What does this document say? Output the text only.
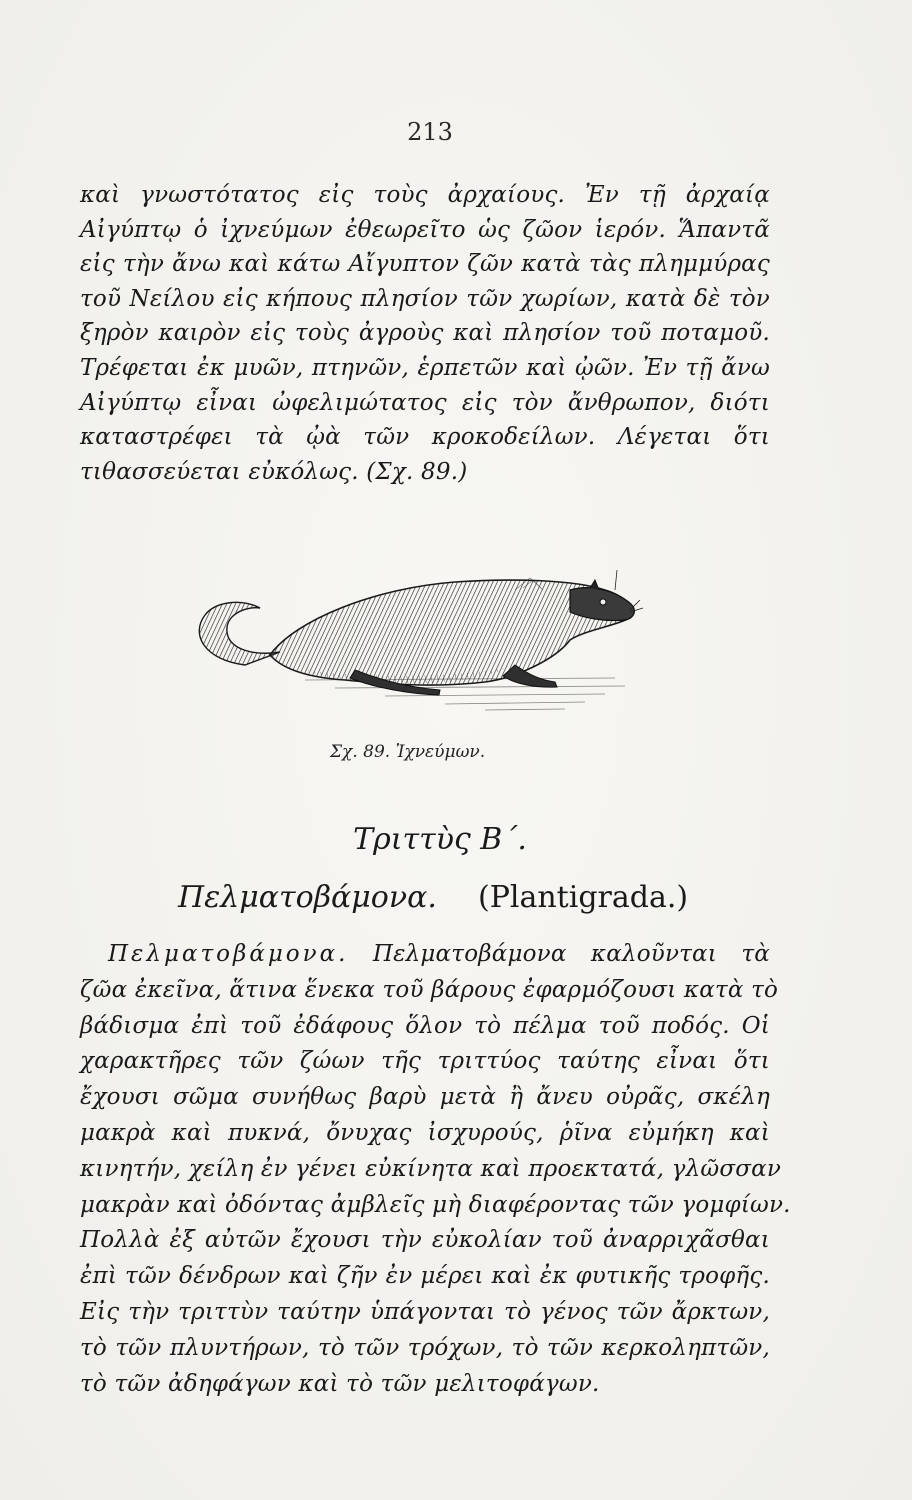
213
καὶ γνωστότατος εἰς τοὺς ἀρχαίους. Ἐν τῇ ἀρχαίᾳ
Αἰγύπτῳ ὁ ἰχνεύμων ἐθεωρεῖτο ὡς ζῶον ἱερόν. Ἅπαντᾶ
εἰς τὴν ἄνω καὶ κάτω Αἴγυπτον ζῶν κατὰ τὰς πλημμύρας
τοῦ Νείλου εἰς κήπους πλησίον τῶν χωρίων, κατὰ δὲ τὸν
ξηρὸν καιρὸν εἰς τοὺς ἀγροὺς καὶ πλησίον τοῦ ποταμοῦ.
Τρέφεται ἐκ μυῶν, πτηνῶν, ἑρπετῶν καὶ ᾠῶν. Ἐν τῇ ἄνω
Αἰγύπτῳ εἶναι ὠφελιμώτατος εἰς τὸν ἄνθρωπον, διότι
καταστρέφει τὰ ᾠὰ τῶν κροκοδείλων. Λέγεται ὅτι
τιθασσεύεται εὐκόλως. (Σχ. 89.)
Σχ. 89. Ἰχνεύμων.
Τριττὺς Β΄.
Πελματοβάμονα. (Plantigrada.)
Πελματοβάμονα. Πελματοβάμονα καλοῦνται τὰ
ζῶα ἐκεῖνα, ἅτινα ἕνεκα τοῦ βάρους ἐφαρμόζουσι κατὰ τὸ
βάδισμα ἐπὶ τοῦ ἐδάφους ὅλον τὸ πέλμα τοῦ ποδός. Οἱ
χαρακτῆρες τῶν ζώων τῆς τριττύος ταύτης εἶναι ὅτι
ἔχουσι σῶμα συνήθως βαρὺ μετὰ ἢ ἄνευ οὐρᾶς, σκέλη
μακρὰ καὶ πυκνά, ὄνυχας ἰσχυρούς, ῥῖνα εὐμήκη καὶ
κινητήν, χείλη ἐν γένει εὐκίνητα καὶ προεκτατά, γλῶσσαν
μακρὰν καὶ ὀδόντας ἀμβλεῖς μὴ διαφέροντας τῶν γομφίων.
Πολλὰ ἐξ αὐτῶν ἔχουσι τὴν εὐκολίαν τοῦ ἀναρριχᾶσθαι
ἐπὶ τῶν δένδρων καὶ ζῆν ἐν μέρει καὶ ἐκ φυτικῆς τροφῆς.
Εἰς τὴν τριττὺν ταύτην ὑπάγονται τὸ γένος τῶν ἄρκτων,
τὸ τῶν πλυντήρων, τὸ τῶν τρόχων, τὸ τῶν κερκοληπτῶν,
τὸ τῶν ἀδηφάγων καὶ τὸ τῶν μελιτοφάγων.
